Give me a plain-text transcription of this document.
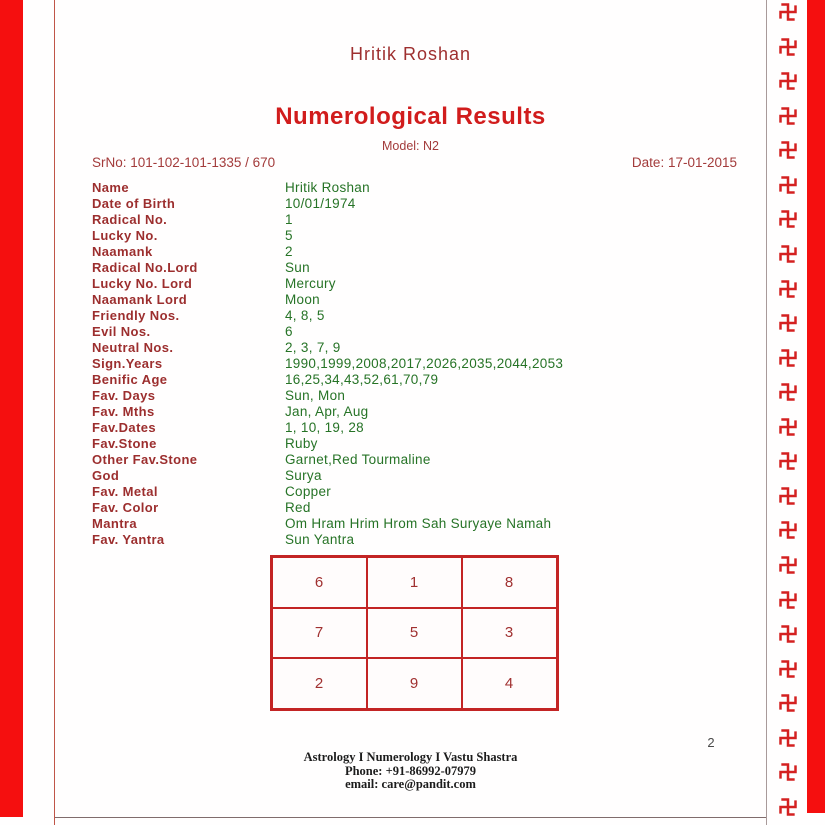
Hritik Roshan
Numerological Results
Model: N2
SrNo: 101-102-101-1335 / 670	Date: 17-01-2015
Name	Hritik Roshan
Date of Birth	10/01/1974
Radical No.	1
Lucky No.	5
Naamank	2
Radical No.Lord	Sun
Lucky No. Lord	Mercury
Naamank Lord	Moon
Friendly Nos.	4, 8, 5
Evil Nos.	6
Neutral Nos.	2, 3, 7, 9
Sign.Years	1990,1999,2008,2017,2026,2035,2044,2053
Benific Age	16,25,34,43,52,61,70,79
Fav. Days	Sun, Mon
Fav. Mths	Jan, Apr, Aug
Fav.Dates	1, 10, 19, 28
Fav.Stone	Ruby
Other Fav.Stone	Garnet,Red Tourmaline
God	Surya
Fav. Metal	Copper
Fav. Color	Red
Mantra	Om Hram Hrim Hrom Sah Suryaye Namah
Fav. Yantra	Sun Yantra
6	1	8
7	5	3
2	9	4
2
Astrology I Numerology I Vastu Shastra
Phone: +91-86992-07979
email: care@pandit.com
